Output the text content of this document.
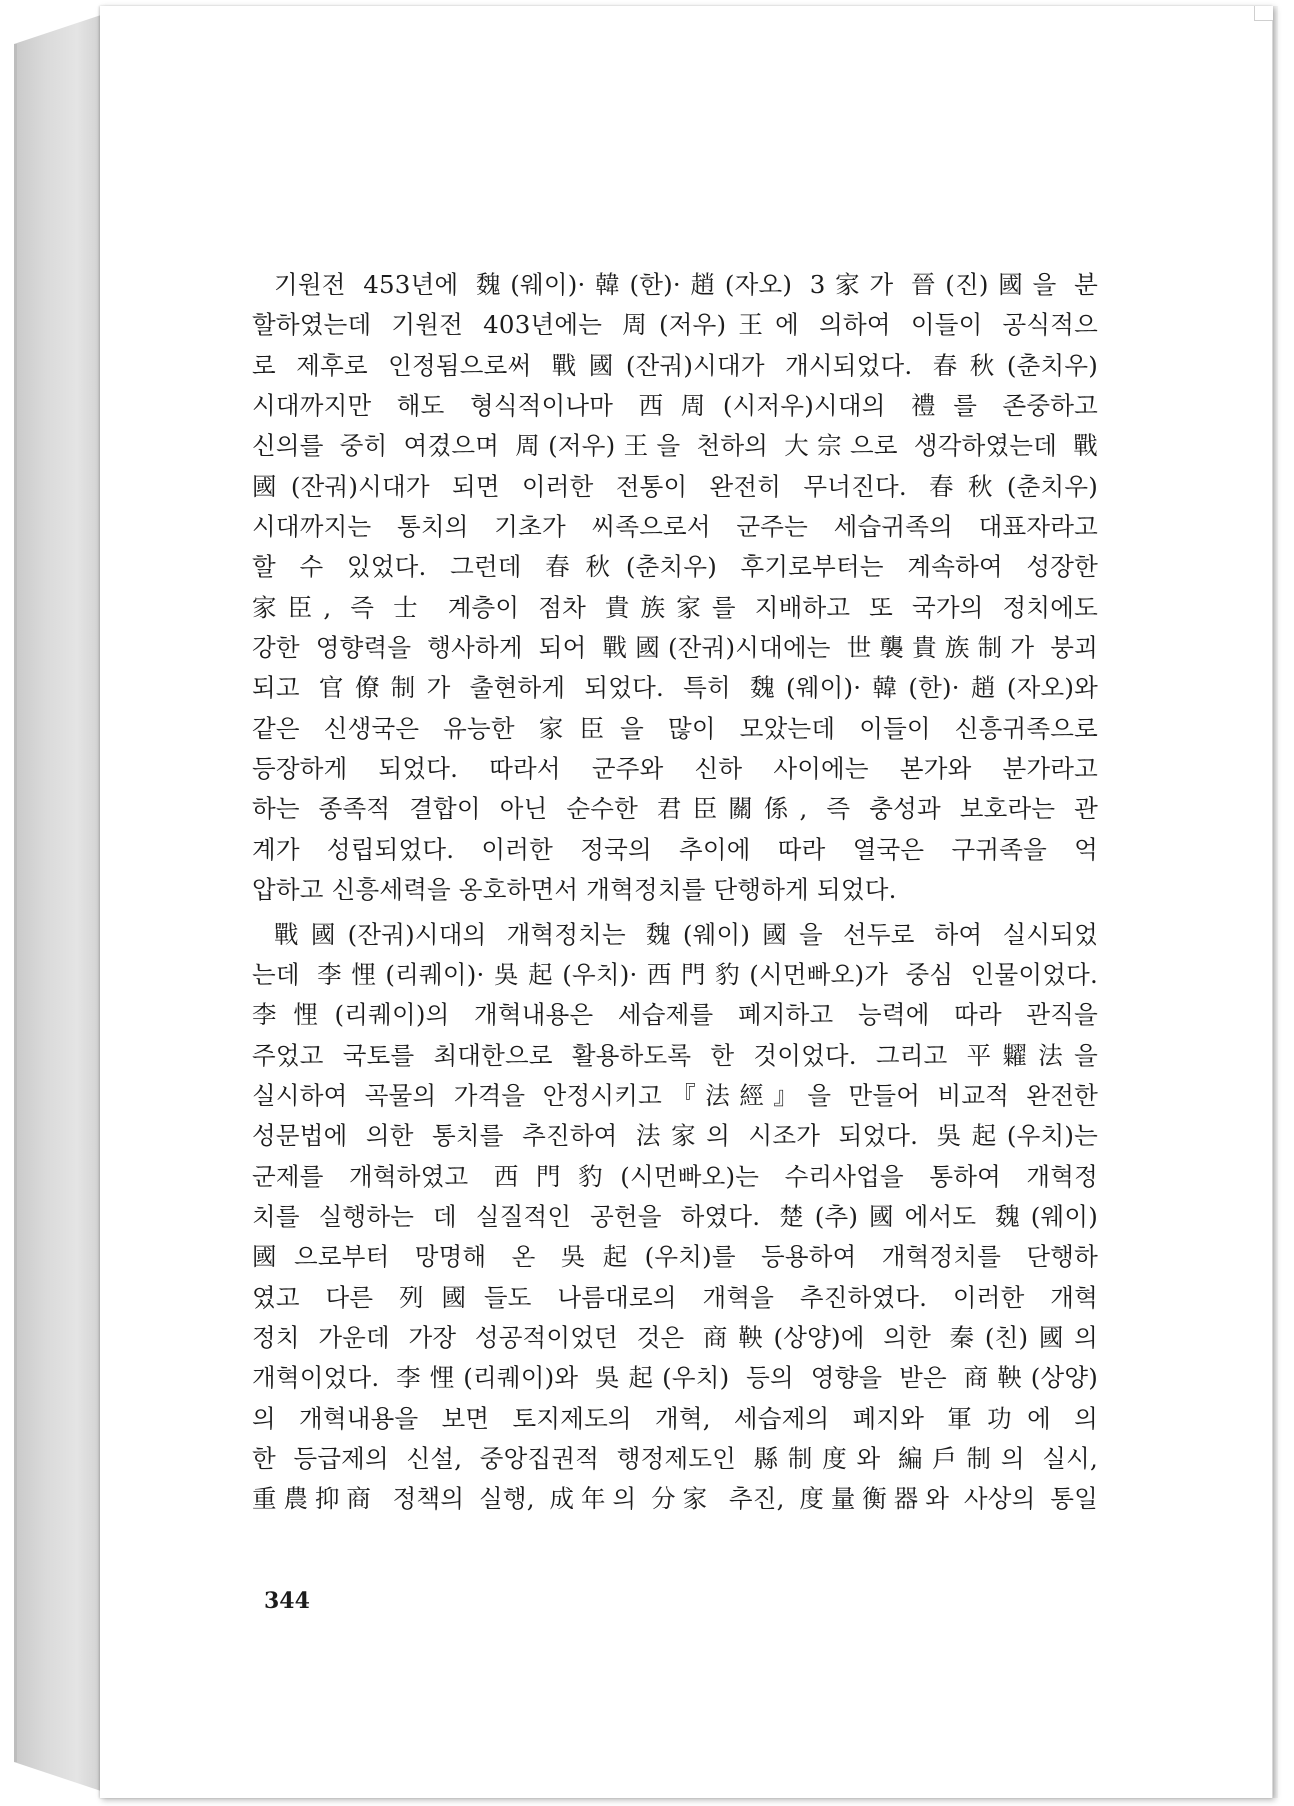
기원전 453년에 魏(웨이)·韓(한)·趙(자오) 3家가 晉(진)國을 분
할하였는데 기원전 403년에는 周(저우)王에 의하여 이들이 공식적으
로 제후로 인정됨으로써 戰國(잔궈)시대가 개시되었다. 春秋(춘치우)
시대까지만 해도 형식적이나마 西周(시저우)시대의 禮를 존중하고
신의를 중히 여겼으며 周(저우)王을 천하의 大宗으로 생각하였는데 戰
國(잔궈)시대가 되면 이러한 전통이 완전히 무너진다. 春秋(춘치우)
시대까지는 통치의 기초가 씨족으로서 군주는 세습귀족의 대표자라고
할 수 있었다. 그런데 春秋(춘치우) 후기로부터는 계속하여 성장한
家臣, 즉 士 계층이 점차 貴族家를 지배하고 또 국가의 정치에도
강한 영향력을 행사하게 되어 戰國(잔궈)시대에는 世襲貴族制가 붕괴
되고 官僚制가 출현하게 되었다. 특히 魏(웨이)·韓(한)·趙(자오)와
같은 신생국은 유능한 家臣을 많이 모았는데 이들이 신흥귀족으로
등장하게 되었다. 따라서 군주와 신하 사이에는 본가와 분가라고
하는 종족적 결합이 아닌 순수한 君臣關係, 즉 충성과 보호라는 관
계가 성립되었다. 이러한 정국의 추이에 따라 열국은 구귀족을 억
압하고 신흥세력을 옹호하면서 개혁정치를 단행하게 되었다.
戰國(잔궈)시대의 개혁정치는 魏(웨이)國을 선두로 하여 실시되었
는데 李悝(리퀘이)·吳起(우치)·西門豹(시먼빠오)가 중심 인물이었다.
李悝(리퀘이)의 개혁내용은 세습제를 폐지하고 능력에 따라 관직을
주었고 국토를 최대한으로 활용하도록 한 것이었다. 그리고 平糶法을
실시하여 곡물의 가격을 안정시키고『法經』을 만들어 비교적 완전한
성문법에 의한 통치를 추진하여 法家의 시조가 되었다. 吳起(우치)는
군제를 개혁하였고 西門豹(시먼빠오)는 수리사업을 통하여 개혁정
치를 실행하는 데 실질적인 공헌을 하였다. 楚(추)國에서도 魏(웨이)
國으로부터 망명해 온 吳起(우치)를 등용하여 개혁정치를 단행하
였고 다른 列國들도 나름대로의 개혁을 추진하였다. 이러한 개혁
정치 가운데 가장 성공적이었던 것은 商鞅(상양)에 의한 秦(친)國의
개혁이었다. 李悝(리퀘이)와 吳起(우치) 등의 영향을 받은 商鞅(상양)
의 개혁내용을 보면 토지제도의 개혁, 세습제의 폐지와 軍功에 의
한 등급제의 신설, 중앙집권적 행정제도인 縣制度와 編戶制의 실시,
重農抑商 정책의 실행, 成年의 分家 추진, 度量衡器와 사상의 통일
344
